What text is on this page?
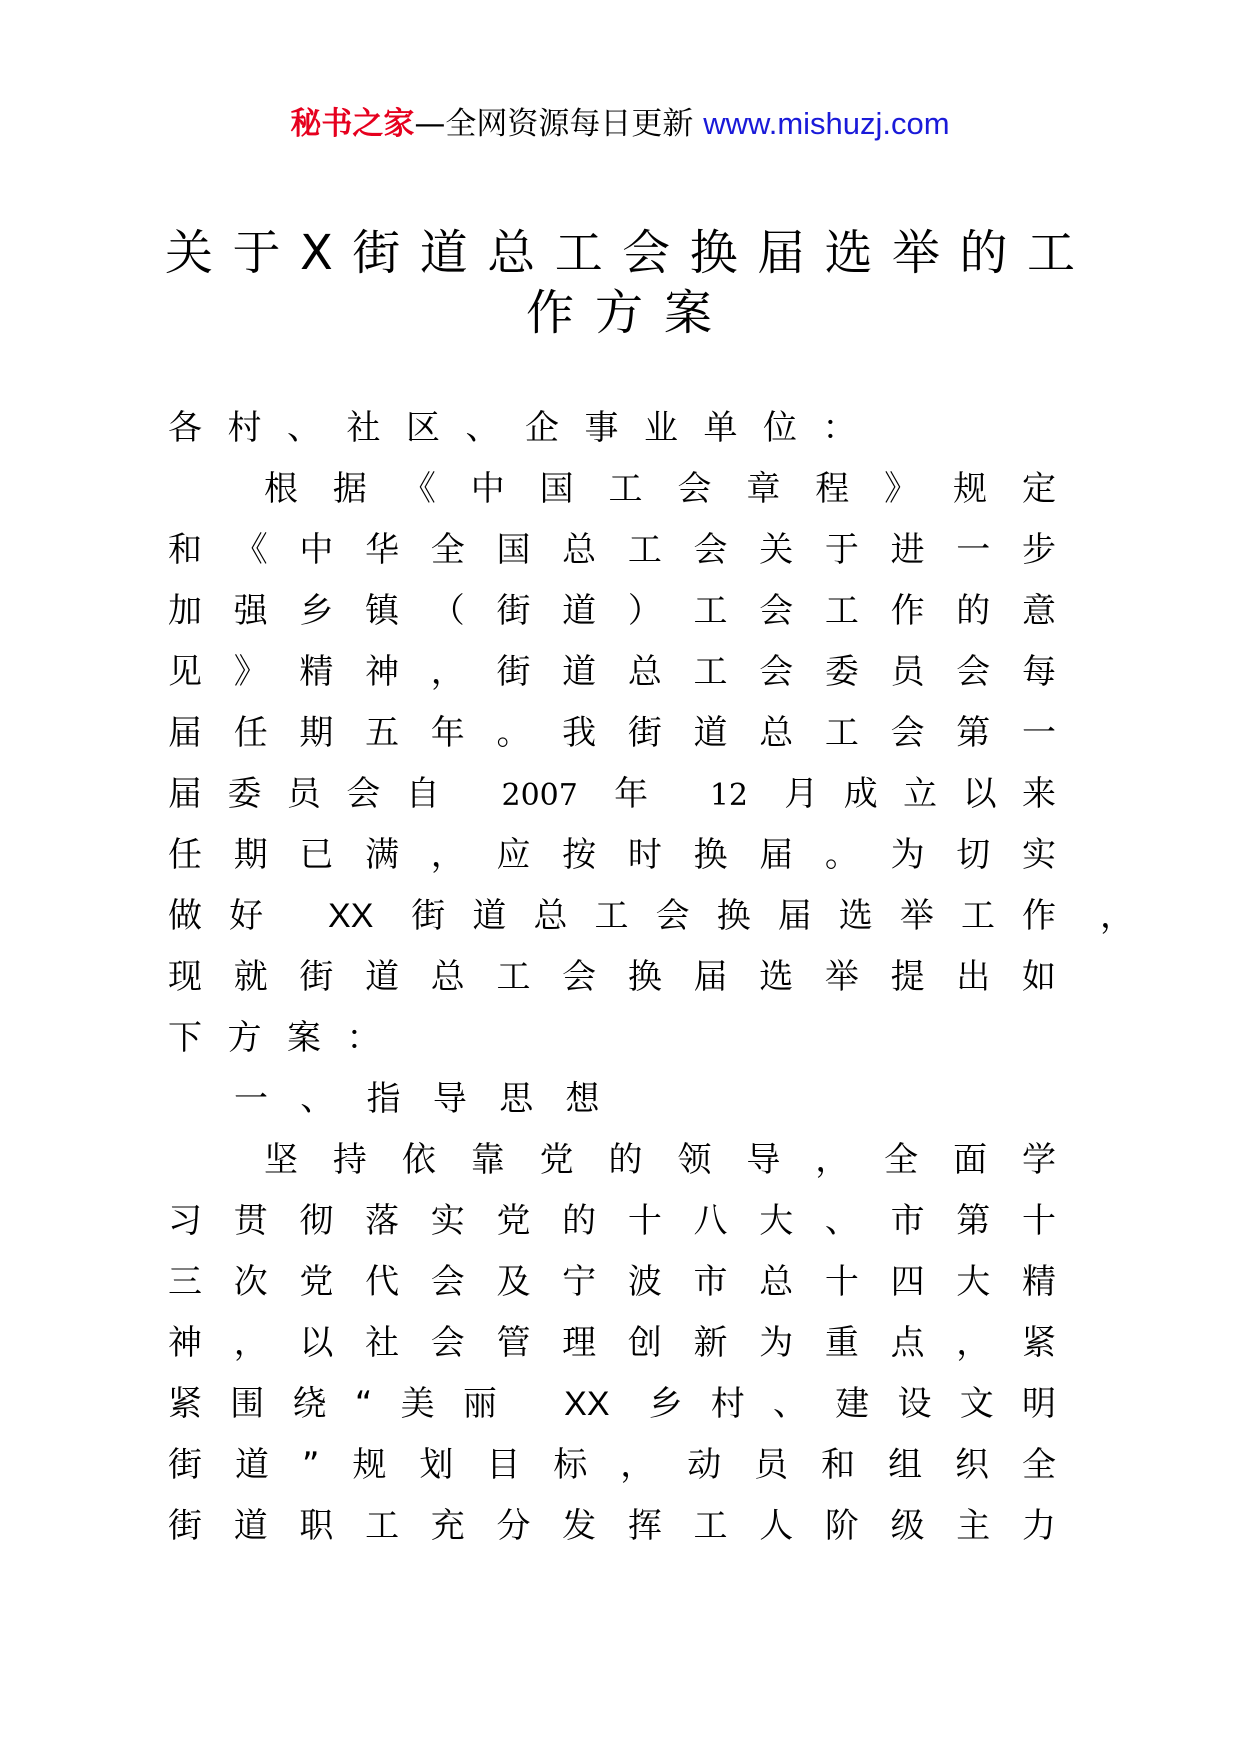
秘书之家—全网资源每日更新 www.mishuzj.com
关于X街道总工会换届选举的工
作方案
各村、社区、企事业单位：
根据《中国工会章程》规定
和《中华全国总工会关于进一步
加强乡镇（街道）工会工作的意
见》精神，街道总工会委员会每
届任期五年。我街道总工会第一
届委员会自 2007 年 12 月成立以来
任期已满，应按时换届。为切实
做好 XX 街道总工会换届选举工作 ，
现就街道总工会换届选举提出如
下方案：
一、指导思想
坚持依靠党的领导，全面学
习贯彻落实党的十八大、市第十
三次党代会及宁波市总十四大精
神，以社会管理创新为重点，紧
紧围绕“美丽 XX 乡村、建设文明
街道”规划目标，动员和组织全
街道职工充分发挥工人阶级主力
